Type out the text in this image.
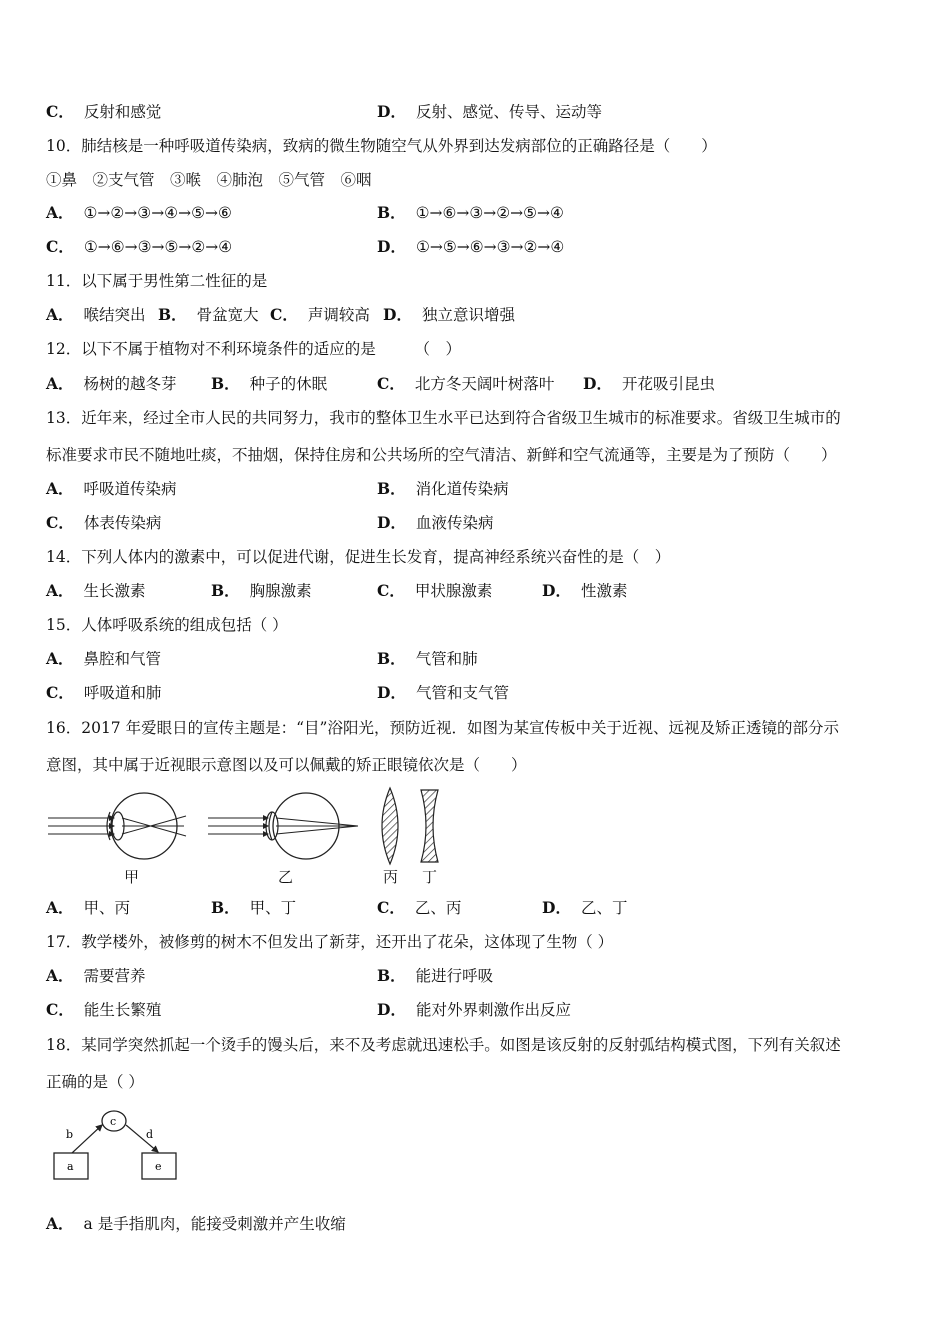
C． 反射和感觉	D． 反射、感觉、传导、运动等
10．肺结核是一种呼吸道传染病，致病的微生物随空气从外界到达发病部位的正确路径是（　　）
①鼻　②支气管　③喉　④肺泡　⑤气管　⑥咽
A． ①→②→③→④→⑤→⑥	B． ①→⑥→③→②→⑤→④
C． ①→⑥→③→⑤→②→④	D． ①→⑤→⑥→③→②→④
11．以下属于男性第二性征的是
A． 喉结突出 B． 骨盆宽大 C． 声调较高 D． 独立意识增强
12．以下不属于植物对不利环境条件的适应的是　　　（　）
A． 杨树的越冬芽 B． 种子的休眠	C． 北方冬天阔叶树落叶 D． 开花吸引昆虫
13．近年来，经过全市人民的共同努力，我市的整体卫生水平已达到符合省级卫生城市的标准要求。省级卫生城市的
标准要求市民不随地吐痰，不抽烟，保持住房和公共场所的空气清洁、新鲜和空气流通等，主要是为了预防（　　）
A． 呼吸道传染病	B． 消化道传染病
C． 体表传染病	D． 血液传染病
14．下列人体内的激素中，可以促进代谢，促进生长发育，提高神经系统兴奋性的是（　）
A． 生长激素	B． 胸腺激素	C． 甲状腺激素	D． 性激素
15．人体呼吸系统的组成包括（ ）
A． 鼻腔和气管	B． 气管和肺
C． 呼吸道和肺	D． 气管和支气管
16．2017 年爱眼日的宣传主题是：“目”浴阳光，预防近视．如图为某宣传板中关于近视、远视及矫正透镜的部分示
意图，其中属于近视眼示意图以及可以佩戴的矫正眼镜依次是（　　）
甲	乙	丙 丁
A． 甲、丙	B． 甲、丁	C． 乙、丙	D． 乙、丁
17．教学楼外，被修剪的树木不但发出了新芽，还开出了花朵，这体现了生物（ ）
A． 需要营养	B． 能进行呼吸
C． 能生长繁殖	D． 能对外界刺激作出反应
18．某同学突然抓起一个烫手的馒头后，来不及考虑就迅速松手。如图是该反射的反射弧结构模式图，下列有关叙述
正确的是（ ）
a
b
c
d
e
A． a 是手指肌肉，能接受刺激并产生收缩
